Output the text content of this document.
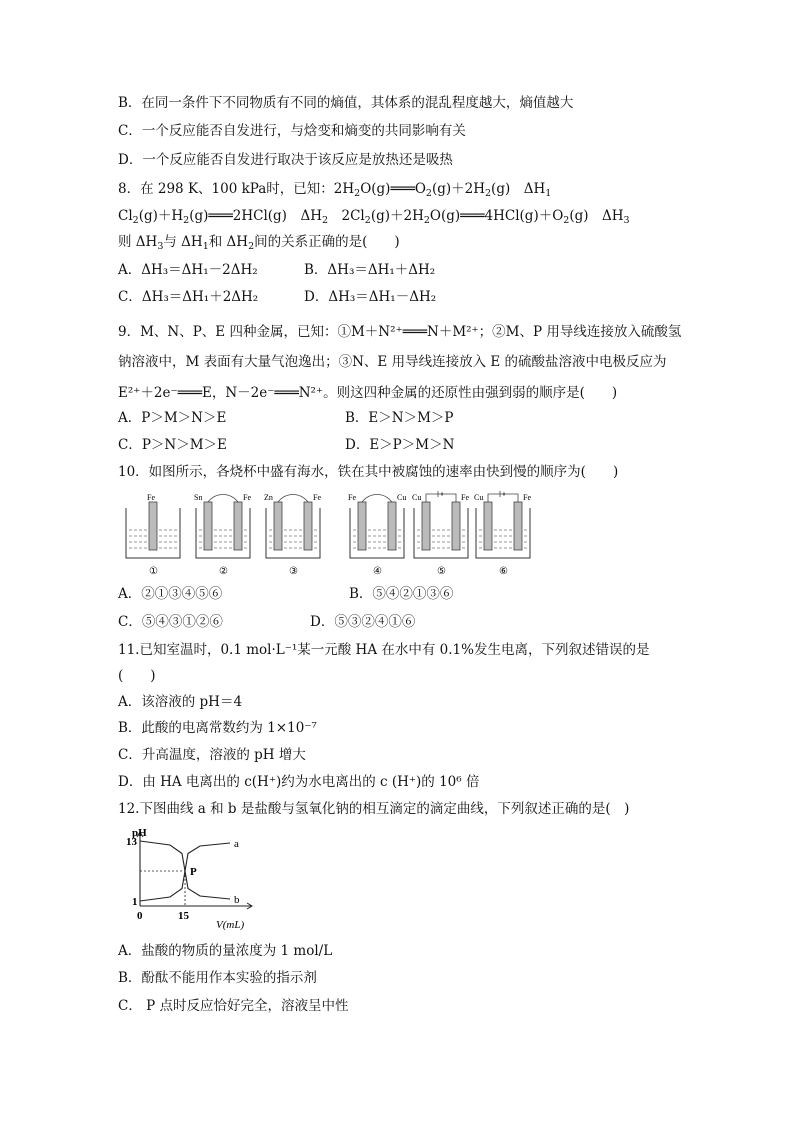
B．在同一条件下不同物质有不同的熵值，其体系的混乱程度越大，熵值越大
C．一个反应能否自发进行，与焓变和熵变的共同影响有关
D．一个反应能否自发进行取决于该反应是放热还是吸热
8．在 298 K、100 kPa时，已知：$2H_2O(g)═══O_2(g)+2H_2(g)$　$\Delta H_1$
$Cl_2(g)+H_2(g)═══2HCl(g)$　$\Delta H_2$　$2Cl_2(g)+2H_2O(g)═══4HCl(g)+O_2(g)$　$\Delta H_3$
则 $\Delta H_3$与 $\Delta H_1$和 $\Delta H_2$间的关系正确的是(　　)
A．ΔH₃＝ΔH₁－2ΔH₂	B．ΔH₃＝ΔH₁＋ΔH₂
C．ΔH₃＝ΔH₁＋2ΔH₂	D．ΔH₃＝ΔH₁－ΔH₂
9．M、N、P、E 四种金属，已知：①M＋N²⁺═══N＋M²⁺；②M、P 用导线连接放入硫酸氢
钠溶液中，M 表面有大量气泡逸出；③N、E 用导线连接放入 E 的硫酸盐溶液中电极反应为
E²⁺＋2e⁻═══E，N－2e⁻═══N²⁺。则这四种金属的还原性由强到弱的顺序是(　　)
A．P＞M＞N＞E	B．E＞N＞M＞P
C．P＞N＞M＞E	D．E＞P＞M＞N
10．如图所示，各烧杯中盛有海水，铁在其中被腐蚀的速率由快到慢的顺序为(　　)
Fe
①
Sn	Fe
②
Zn	Fe
③
Fe	Cu
④
Cu	Fe
⑤
Cu	Fe
⑥
A．②①③④⑤⑥	B．⑤④②①③⑥
C．⑤④③①②⑥	D．⑤③②④①⑥
11.已知室温时，0.1 mol·L⁻¹某一元酸 HA 在水中有 0.1%发生电离，下列叙述错误的是
(　　)
A．该溶液的 pH＝4
B．此酸的电离常数约为 1×10⁻⁷
C．升高温度，溶液的 pH 增大
D．由 HA 电离出的 c(H⁺)约为水电离出的 c (H⁺)的 10⁶ 倍
12.下图曲线 a 和 b 是盐酸与氢氧化钠的相互滴定的滴定曲线，下列叙述正确的是(　)
a
b
P
pH
13
1
0	15
V(mL)
A．盐酸的物质的量浓度为 1 mol/L
B．酚酞不能用作本实验的指示剂
C． P 点时反应恰好完全，溶液呈中性
